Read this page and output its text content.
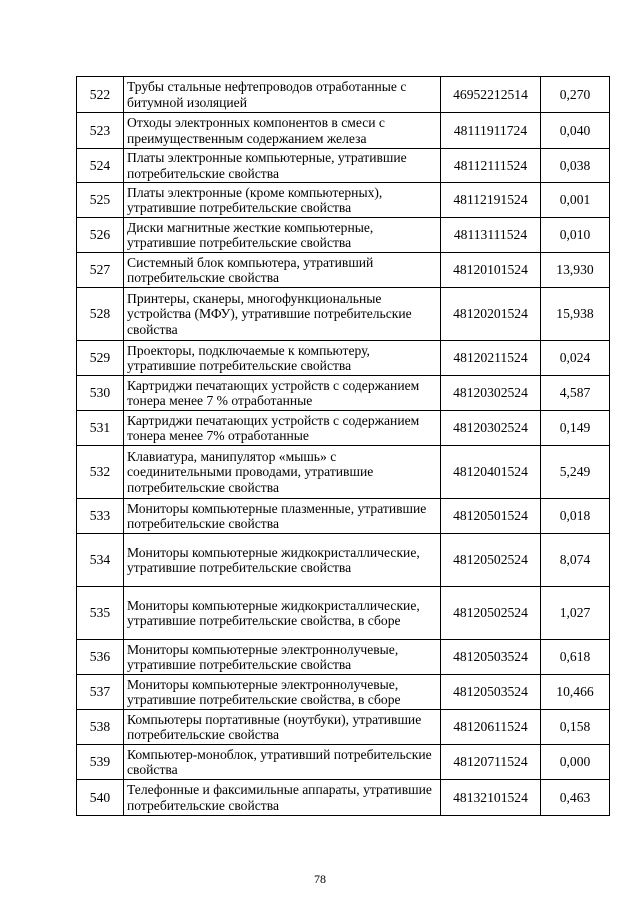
522	Трубы стальные нефтепроводов отработанные с битумной изоляцией	46952212514	0,270
523	Отходы электронных компонентов в смеси с преимущественным содержанием железа	48111911724	0,040
524	Платы электронные компьютерные, утратившие потребительские свойства	48112111524	0,038
525	Платы электронные (кроме компьютерных), утратившие потребительские свойства	48112191524	0,001
526	Диски магнитные жесткие компьютерные, утратившие потребительские свойства	48113111524	0,010
527	Системный блок компьютера, утративший потребительские свойства	48120101524	13,930
528	Принтеры, сканеры, многофункциональные устройства (МФУ), утратившие потребительские свойства	48120201524	15,938
529	Проекторы, подключаемые к компьютеру, утратившие потребительские свойства	48120211524	0,024
530	Картриджи печатающих устройств с содержанием тонера менее 7 % отработанные	48120302524	4,587
531	Картриджи печатающих устройств с содержанием тонера менее 7% отработанные	48120302524	0,149
532	Клавиатура, манипулятор «мышь» с соединительными проводами, утратившие потребительские свойства	48120401524	5,249
533	Мониторы компьютерные плазменные, утратившие потребительские свойства	48120501524	0,018
534	Мониторы компьютерные жидкокристаллические, утратившие потребительские свойства	48120502524	8,074
535	Мониторы компьютерные жидкокристаллические, утратившие потребительские свойства, в сборе	48120502524	1,027
536	Мониторы компьютерные электроннолучевые, утратившие потребительские свойства	48120503524	0,618
537	Мониторы компьютерные электроннолучевые, утратившие потребительские свойства, в сборе	48120503524	10,466
538	Компьютеры портативные (ноутбуки), утратившие потребительские свойства	48120611524	0,158
539	Компьютер-моноблок, утративший потребительские свойства	48120711524	0,000
540	Телефонные и факсимильные аппараты, утратившие потребительские свойства	48132101524	0,463
78
